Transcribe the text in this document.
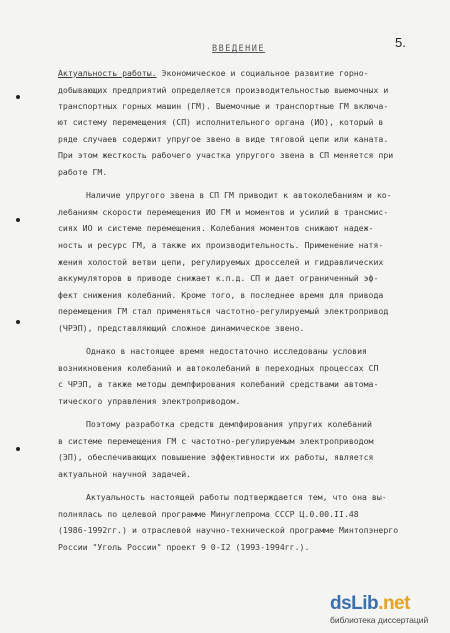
5.
ВВЕДЕНИЕ
Актуальность работы. Экономическое и социальное развитие горно-
добывающих предприятий определяется производительностью выемочных и
транспортных горных машин (ГМ). Выемочные и транспортные ГМ включа-
ют систему перемещения (СП) исполнительного органа (ИО), который в
ряде случаев содержит упругое звено в виде тяговой цепи или каната.
При этом жесткость рабочего участка упругого звена в СП меняется при
работе ГМ.
Наличие упругого звена в СП ГМ приводит к автоколебаниям и ко-
лебаниям скорости перемещения ИО ГМ и моментов и усилий в трансмис-
сиях ИО и системе перемещения. Колебания моментов снижают надеж-
ность и ресурс ГМ, а также их производительность. Применение натя-
жения холостой ветви цепи, регулируемых дросселей и гидравлических
аккумуляторов в приводе снижает к.п.д. СП и дает ограниченный эф-
фект снижения колебаний. Кроме того, в последнее время для привода
перемещения ГМ стал применяться частотно-регулируемый электропривод
(ЧРЭП), представляющий сложное динамическое звено.
Однако в настоящее время недостаточно исследованы условия
возникновения колебаний и автоколебаний в переходных процессах СП
с ЧРЭП, а также методы демпфирования колебаний средствами автома-
тического управления электроприводом.
Поэтому разработка средств демпфирования упругих колебаний
в системе перемещения ГМ с частотно-регулируемым электроприводом
(ЭП), обеспечивающих повышение эффективности их работы, является
актуальной научной задачей.
Актуальность настоящей работы подтверждается тем, что она вы-
полнялась по целевой программе Минуглепрома СССР Ц.0.00.II.48
(1986-1992гг.) и отраслевой научно-технической программе Минтопэнерго
России "Уголь России" проект 9 0-I2 (1993-1994гг.).
dsLib.net
библиотека диссертаций
